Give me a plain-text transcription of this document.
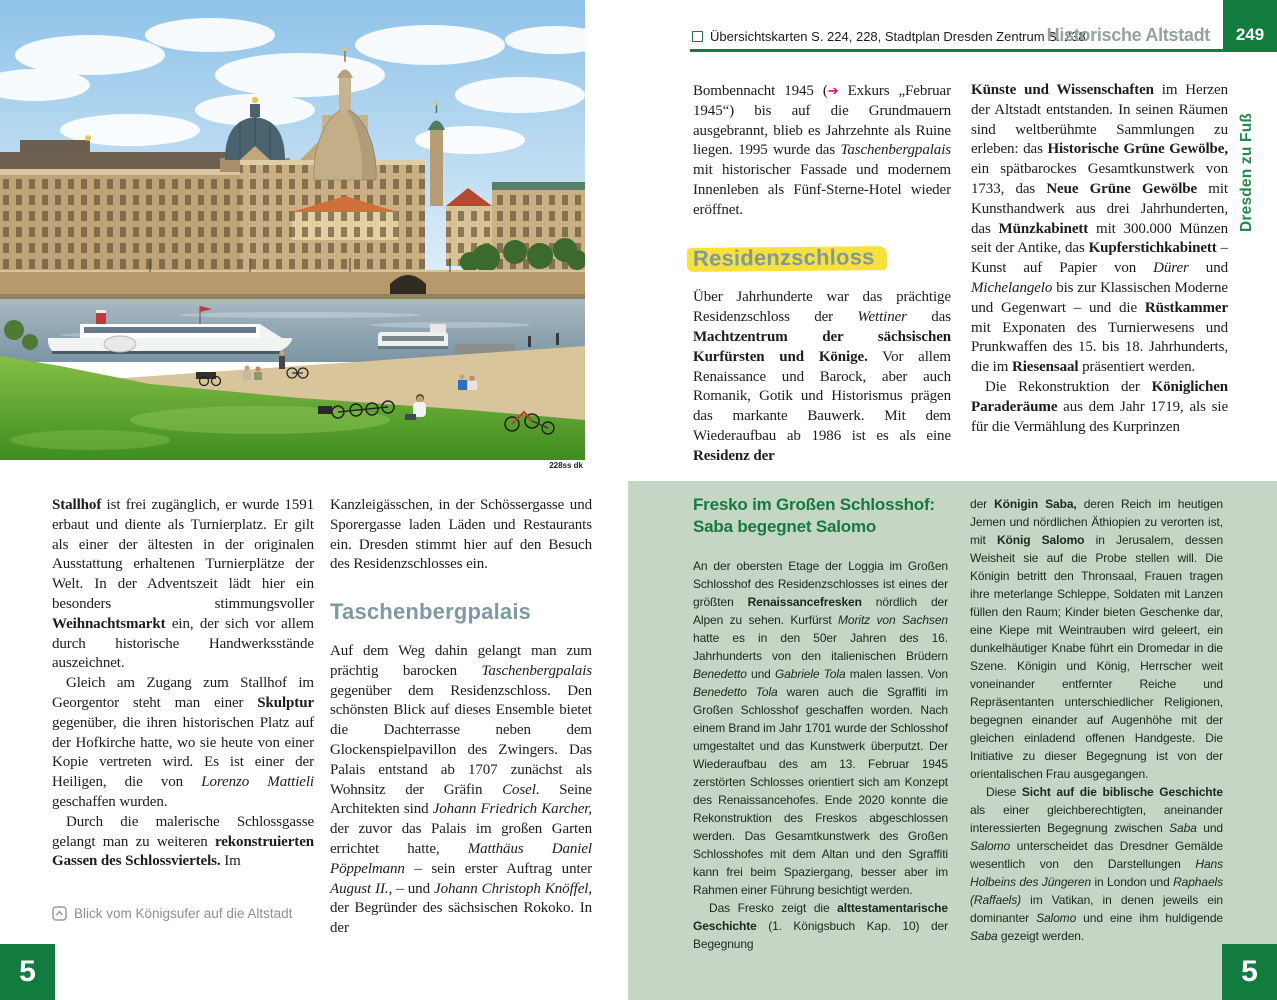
228ss dk
Übersichtskarten S. 224, 228, Stadtplan Dresden Zentrum S. 238
Historische Altstadt	249
Dresden zu Fuß

Bombennacht 1945 (➔ Exkurs „Februar 1945“) bis auf die Grundmauern ausgebrannt, blieb es Jahrzehnte als Ruine liegen. 1995 wurde das Taschenbergpalais mit historischer Fassade und modernem Innenleben als Fünf-Sterne-Hotel wieder eröffnet.

Residenzschloss

Über Jahrhunderte war das prächtige Residenzschloss der Wettiner das Machtzentrum der sächsischen Kurfürsten und Könige. Vor allem Renaissance und Barock, aber auch Romanik, Gotik und Historismus prägen das markante Bauwerk. Mit dem Wiederaufbau ab 1986 ist es als eine Residenz der

Künste und Wissenschaften im Herzen der Altstadt entstanden. In seinen Räumen sind weltberühmte Sammlungen zu erleben: das Historische Grüne Gewölbe, ein spätbarockes Gesamtkunstwerk von 1733, das Neue Grüne Gewölbe mit Kunsthandwerk aus drei Jahrhunderten, das Münzkabinett mit 300.000 Münzen seit der Antike, das Kupferstichkabinett – Kunst auf Papier von Dürer und Michelangelo bis zur Klassischen Moderne und Gegenwart – und die Rüstkammer mit Exponaten des Turnierwesens und Prunkwaffen des 15. bis 18. Jahrhunderts, die im Riesensaal präsentiert werden.

Die Rekonstruktion der Königlichen Paraderäume aus dem Jahr 1719, als sie für die Vermählung des Kurprinzen

Stallhof ist frei zugänglich, er wurde 1591 erbaut und diente als Turnierplatz. Er gilt als einer der ältesten in der originalen Ausstattung erhaltenen Turnierplätze der Welt. In der Adventszeit lädt hier ein besonders stimmungsvoller Weihnachtsmarkt ein, der sich vor allem durch historische Handwerksstände auszeichnet.

Gleich am Zugang zum Stallhof im Georgentor steht man einer Skulptur gegenüber, die ihren historischen Platz auf der Hofkirche hatte, wo sie heute von einer Kopie vertreten wird. Es ist einer der Heiligen, die von Lorenzo Mattieli geschaffen wurden.

Durch die malerische Schlossgasse gelangt man zu weiteren rekonstruierten Gassen des Schlossviertels. Im

Kanzleigässchen, in der Schössergasse und Sporergasse laden Läden und Restaurants ein. Dresden stimmt hier auf den Besuch des Residenzschlosses ein.

Taschenbergpalais

Auf dem Weg dahin gelangt man zum prächtig barocken Taschenbergpalais gegenüber dem Residenzschloss. Den schönsten Blick auf dieses Ensemble bietet die Dachterrasse neben dem Glockenspielpavillon des Zwingers. Das Palais entstand ab 1707 zunächst als Wohnsitz der Gräfin Cosel. Seine Architekten sind Johann Friedrich Karcher, der zuvor das Palais im großen Garten errichtet hatte, Matthäus Daniel Pöppelmann – sein erster Auftrag unter August II., – und Johann Christoph Knöffel, der Begründer des sächsischen Rokoko. In der

Blick vom Königsufer auf die Altstadt
Fresko im Großen Schlosshof:
Saba begegnet Salomo

An der obersten Etage der Loggia im Großen Schlosshof des Residenzschlosses ist eines der größten Renaissancefresken nördlich der Alpen zu sehen. Kurfürst Moritz von Sachsen hatte es in den 50er Jahren des 16. Jahrhunderts von den italienischen Brüdern Benedetto und Gabriele Tola malen lassen. Von Benedetto Tola waren auch die Sgraffiti im Großen Schlosshof geschaffen worden. Nach einem Brand im Jahr 1701 wurde der Schlosshof umgestaltet und das Kunstwerk überputzt. Der Wiederaufbau des am 13. Februar 1945 zerstörten Schlosses orientiert sich am Konzept des Renaissancehofes. Ende 2020 konnte die Rekonstruktion des Freskos abgeschlossen werden. Das Gesamtkunstwerk des Großen Schlosshofes mit dem Altan und den Sgraffiti kann frei beim Spaziergang, besser aber im Rahmen einer Führung besichtigt werden.

Das Fresko zeigt die alttestamentarische Geschichte (1. Königsbuch Kap. 10) der Begegnung

der Königin Saba, deren Reich im heutigen Jemen und nördlichen Äthiopien zu verorten ist, mit König Salomo in Jerusalem, dessen Weisheit sie auf die Probe stellen will. Die Königin betritt den Thronsaal, Frauen tragen ihre meterlange Schleppe, Soldaten mit Lanzen füllen den Raum; Kinder bieten Geschenke dar, eine Kiepe mit Weintrauben wird geleert, ein dunkelhäutiger Knabe führt ein Dromedar in die Szene. Königin und König, Herrscher weit voneinander entfernter Reiche und Repräsentanten unterschiedlicher Religionen, begegnen einander auf Augenhöhe mit der gleichen einladend offenen Handgeste. Die Initiative zu dieser Begegnung ist von der orientalischen Frau ausgegangen.

Diese Sicht auf die biblische Geschichte als einer gleichberechtigten, aneinander interessierten Begegnung zwischen Saba und Salomo unterscheidet das Dresdner Gemälde wesentlich von den Darstellungen Hans Holbeins des Jüngeren in London und Raphaels (Raffaels) im Vatikan, in denen jeweils ein dominanter Salomo und eine ihm huldigende Saba gezeigt werden.

5	5
